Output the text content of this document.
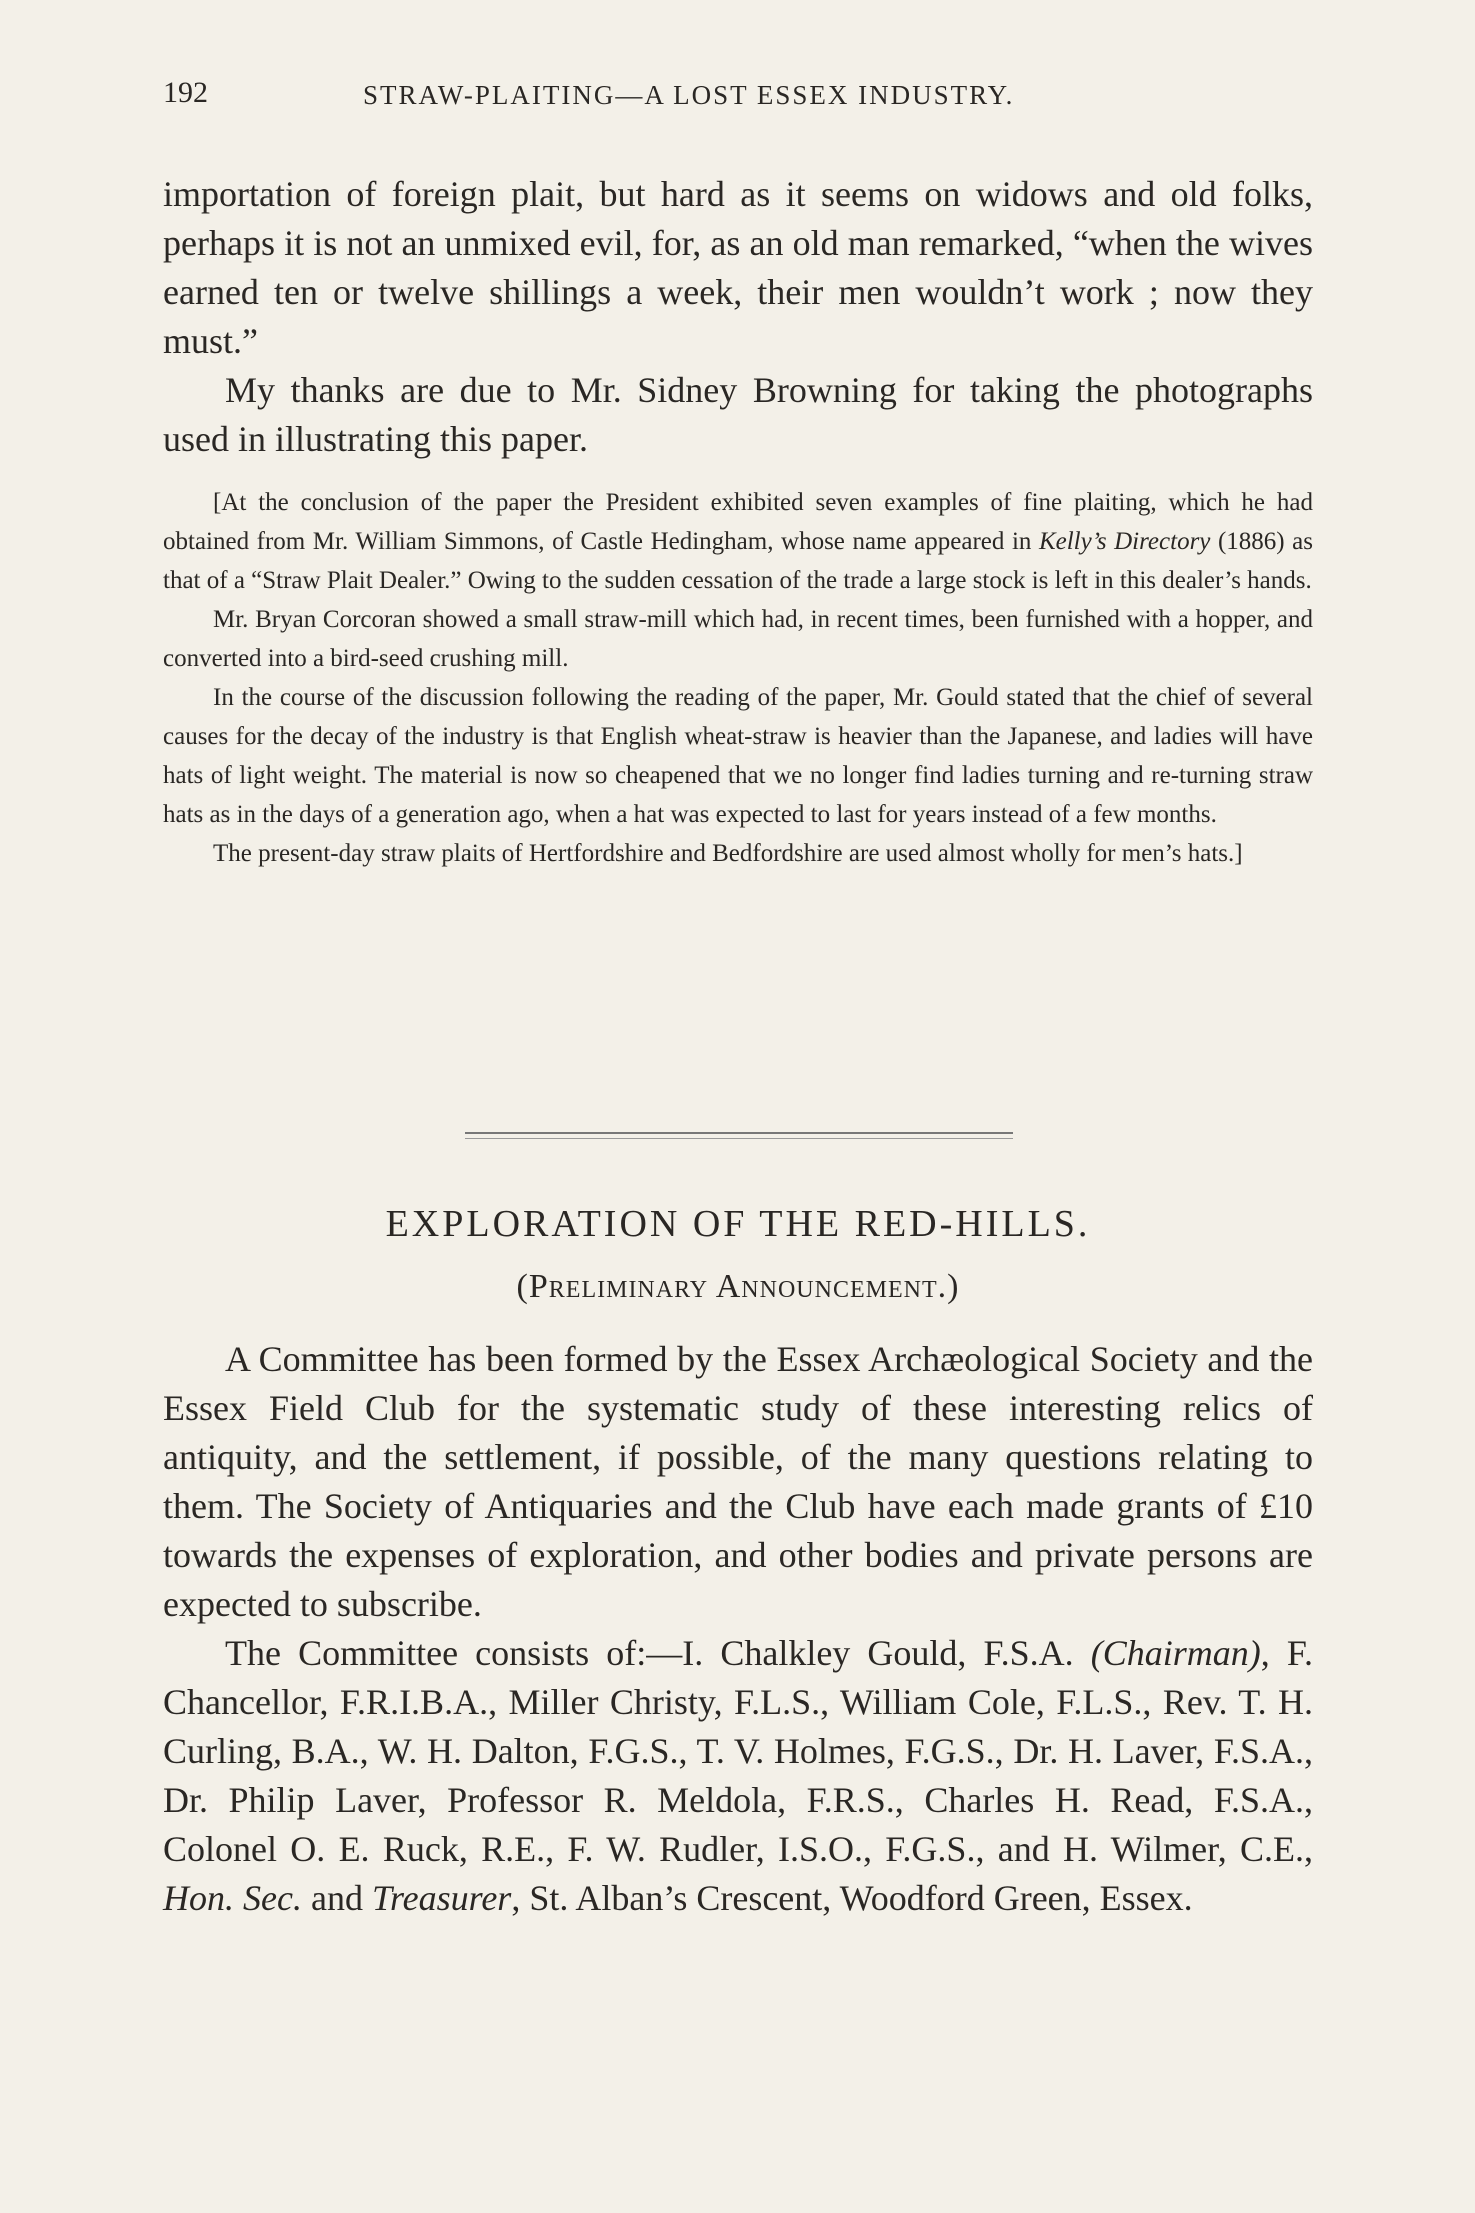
192	STRAW-PLAITING—A LOST ESSEX INDUSTRY.

importation of foreign plait, but hard as it seems on widows and old folks, perhaps it is not an unmixed evil, for, as an old man remarked, “when the wives earned ten or twelve shillings a week, their men wouldn’t work ; now they must.”

My thanks are due to Mr. Sidney Browning for taking the photographs used in illustrating this paper.

[At the conclusion of the paper the President exhibited seven examples of fine plaiting, which he had obtained from Mr. William Simmons, of Castle Hedingham, whose name appeared in Kelly’s Directory (1886) as that of a “Straw Plait Dealer.” Owing to the sudden cessation of the trade a large stock is left in this dealer’s hands.

Mr. Bryan Corcoran showed a small straw-mill which had, in recent times, been furnished with a hopper, and converted into a bird-seed crushing mill.

In the course of the discussion following the reading of the paper, Mr. Gould stated that the chief of several causes for the decay of the industry is that English wheat-straw is heavier than the Japanese, and ladies will have hats of light weight. The material is now so cheapened that we no longer find ladies turning and re-turning straw hats as in the days of a generation ago, when a hat was expected to last for years instead of a few months.

The present-day straw plaits of Hertfordshire and Bedfordshire are used almost wholly for men’s hats.]

EXPLORATION OF THE RED-HILLS.
(Preliminary Announcement.)

A Committee has been formed by the Essex Archæological Society and the Essex Field Club for the systematic study of these interesting relics of antiquity, and the settlement, if possible, of the many questions relating to them. The Society of Antiquaries and the Club have each made grants of £10 towards the expenses of exploration, and other bodies and private persons are expected to subscribe.

The Committee consists of:—I. Chalkley Gould, F.S.A. (Chairman), F. Chancellor, F.R.I.B.A., Miller Christy, F.L.S., William Cole, F.L.S., Rev. T. H. Curling, B.A., W. H. Dalton, F.G.S., T. V. Holmes, F.G.S., Dr. H. Laver, F.S.A., Dr. Philip Laver, Professor R. Meldola, F.R.S., Charles H. Read, F.S.A., Colonel O. E. Ruck, R.E., F. W. Rudler, I.S.O., F.G.S., and H. Wilmer, C.E., Hon. Sec. and Treasurer, St. Alban’s Crescent, Woodford Green, Essex.
